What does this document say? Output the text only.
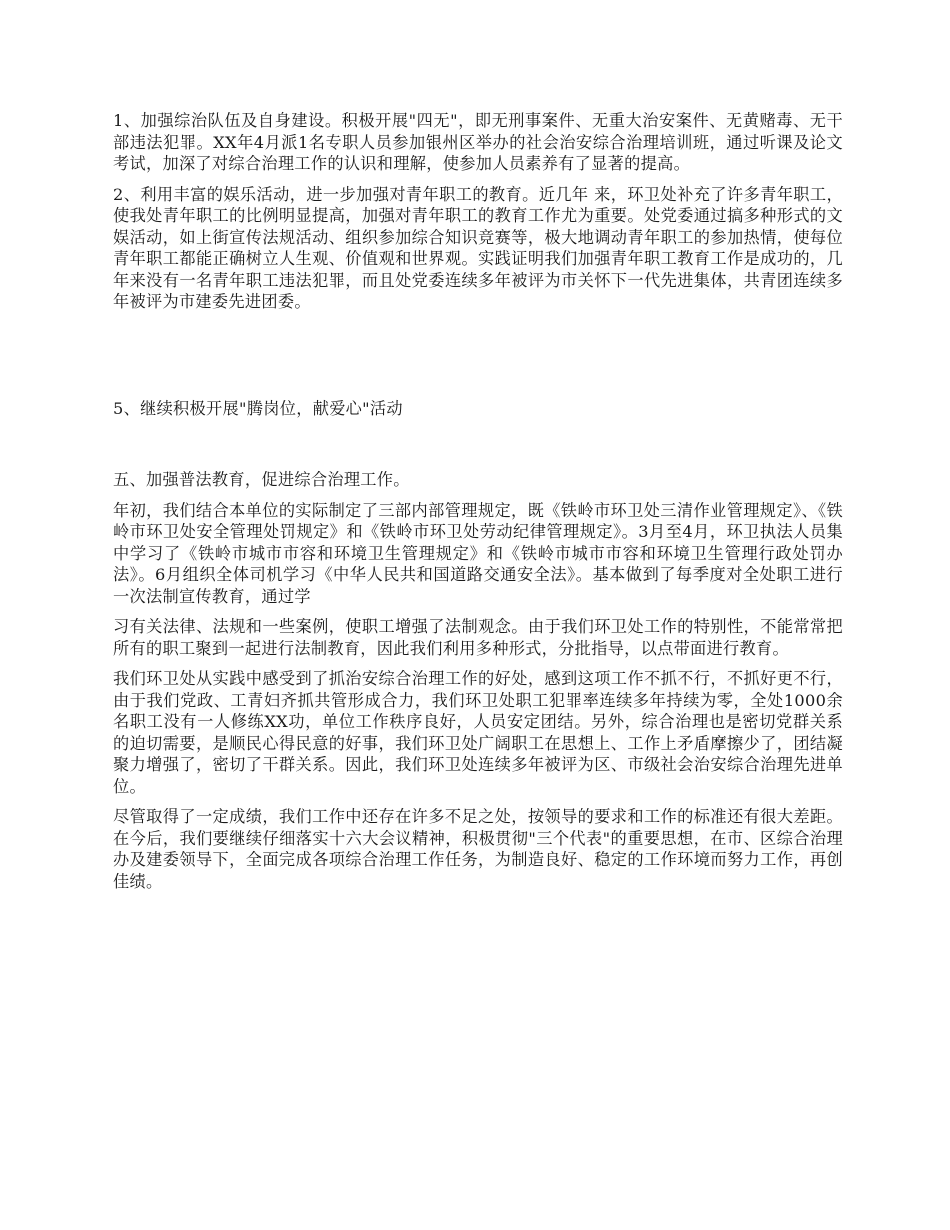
1、加强综治队伍及自身建设。积极开展"四无"，即无刑事案件、无重大治安案件、无黄赌毒、无干部违法犯罪。XX年4月派1名专职人员参加银州区举办的社会治安综合治理培训班，通过听课及论文考试，加深了对综合治理工作的认识和理解，使参加人员素养有了显著的提高。

2、利用丰富的娱乐活动，进一步加强对青年职工的教育。近几年 来，环卫处补充了许多青年职工，使我处青年职工的比例明显提高，加强对青年职工的教育工作尤为重要。处党委通过搞多种形式的文娱活动，如上街宣传法规活动、组织参加综合知识竞赛等，极大地调动青年职工的参加热情，使每位青年职工都能正确树立人生观、价值观和世界观。实践证明我们加强青年职工教育工作是成功的，几年来没有一名青年职工违法犯罪，而且处党委连续多年被评为市关怀下一代先进集体，共青团连续多年被评为市建委先进团委。

5、继续积极开展"腾岗位，献爱心"活动

五、加强普法教育，促进综合治理工作。

年初，我们结合本单位的实际制定了三部内部管理规定，既《铁岭市环卫处三清作业管理规定》、《铁岭市环卫处安全管理处罚规定》和《铁岭市环卫处劳动纪律管理规定》。3月至4月，环卫执法人员集中学习了《铁岭市城市市容和环境卫生管理规定》和《铁岭市城市市容和环境卫生管理行政处罚办法》。6月组织全体司机学习《中华人民共和国道路交通安全法》。基本做到了每季度对全处职工进行一次法制宣传教育，通过学

习有关法律、法规和一些案例，使职工增强了法制观念。由于我们环卫处工作的特别性，不能常常把所有的职工聚到一起进行法制教育，因此我们利用多种形式，分批指导，以点带面进行教育。

我们环卫处从实践中感受到了抓治安综合治理工作的好处，感到这项工作不抓不行，不抓好更不行，由于我们党政、工青妇齐抓共管形成合力，我们环卫处职工犯罪率连续多年持续为零，全处1000余名职工没有一人修练XX功，单位工作秩序良好，人员安定团结。另外，综合治理也是密切党群关系的迫切需要，是顺民心得民意的好事，我们环卫处广阔职工在思想上、工作上矛盾摩擦少了，团结凝聚力增强了，密切了干群关系。因此，我们环卫处连续多年被评为区、市级社会治安综合治理先进单位。

尽管取得了一定成绩，我们工作中还存在许多不足之处，按领导的要求和工作的标准还有很大差距。在今后，我们要继续仔细落实十六大会议精神，积极贯彻"三个代表"的重要思想，在市、区综合治理办及建委领导下，全面完成各项综合治理工作任务，为制造良好、稳定的工作环境而努力工作，再创佳绩。
